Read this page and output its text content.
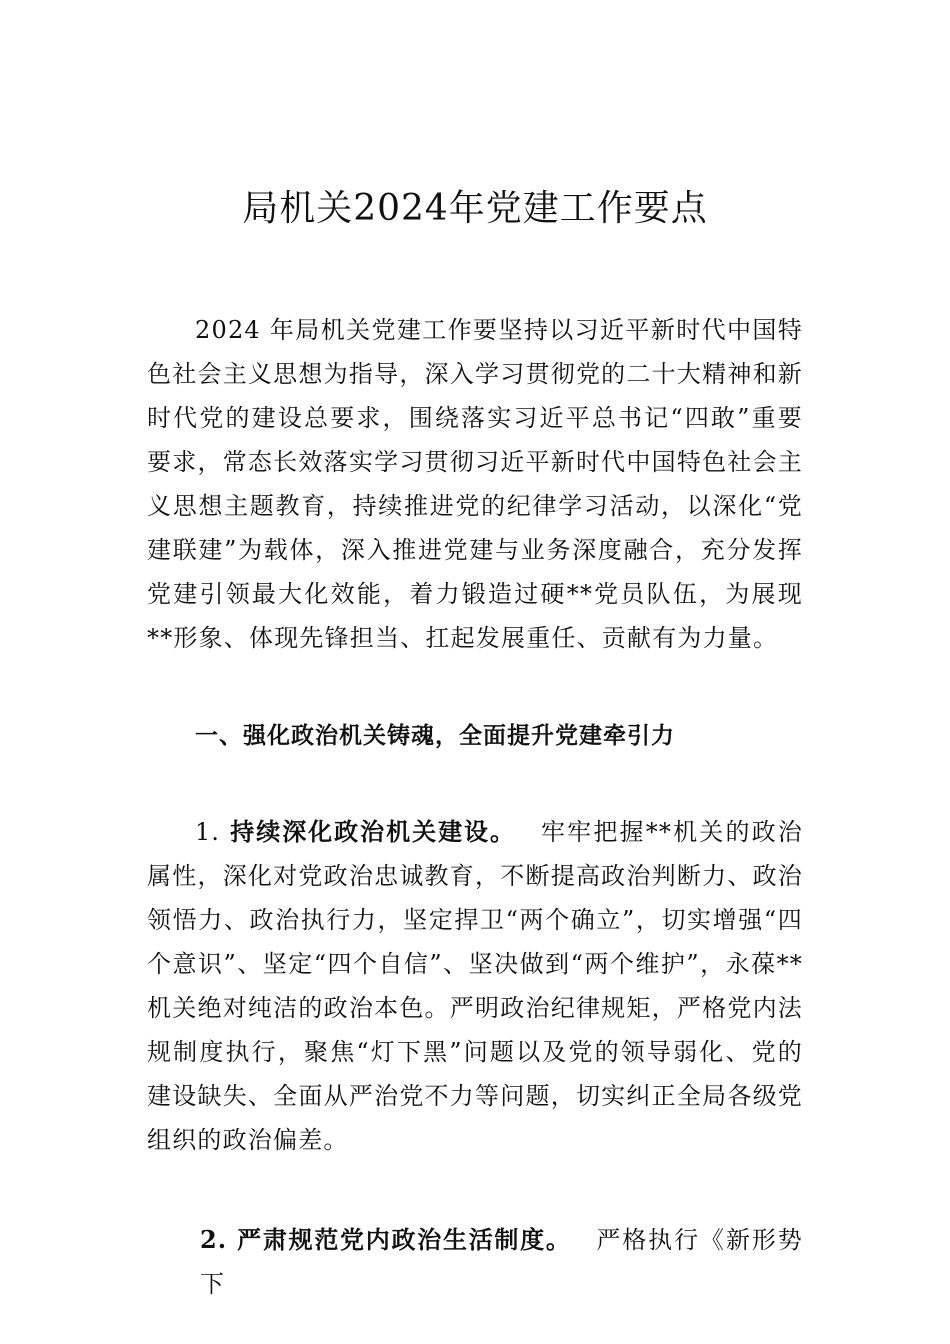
局机关2024年党建工作要点

2024 年局机关党建工作要坚持以习近平新时代中国特色社会主义思想为指导，深入学习贯彻党的二十大精神和新时代党的建设总要求，围绕落实习近平总书记“四敢”重要要求，常态长效落实学习贯彻习近平新时代中国特色社会主义思想主题教育，持续推进党的纪律学习活动，以深化“党建联建”为载体，深入推进党建与业务深度融合，充分发挥党建引领最大化效能，着力锻造过硬**党员队伍，为展现**形象、体现先锋担当、扛起发展重任、贡献有为力量。

一、强化政治机关铸魂，全面提升党建牵引力

1. 持续深化政治机关建设。 牢牢把握**机关的政治属性，深化对党政治忠诚教育，不断提高政治判断力、政治领悟力、政治执行力，坚定捍卫“两个确立”，切实增强“四个意识”、坚定“四个自信”、坚决做到“两个维护”，永葆**机关绝对纯洁的政治本色。严明政治纪律规矩，严格党内法规制度执行，聚焦“灯下黑”问题以及党的领导弱化、党的建设缺失、全面从严治党不力等问题，切实纠正全局各级党组织的政治偏差。

2. 严肃规范党内政治生活制度。 严格执行《新形势下
